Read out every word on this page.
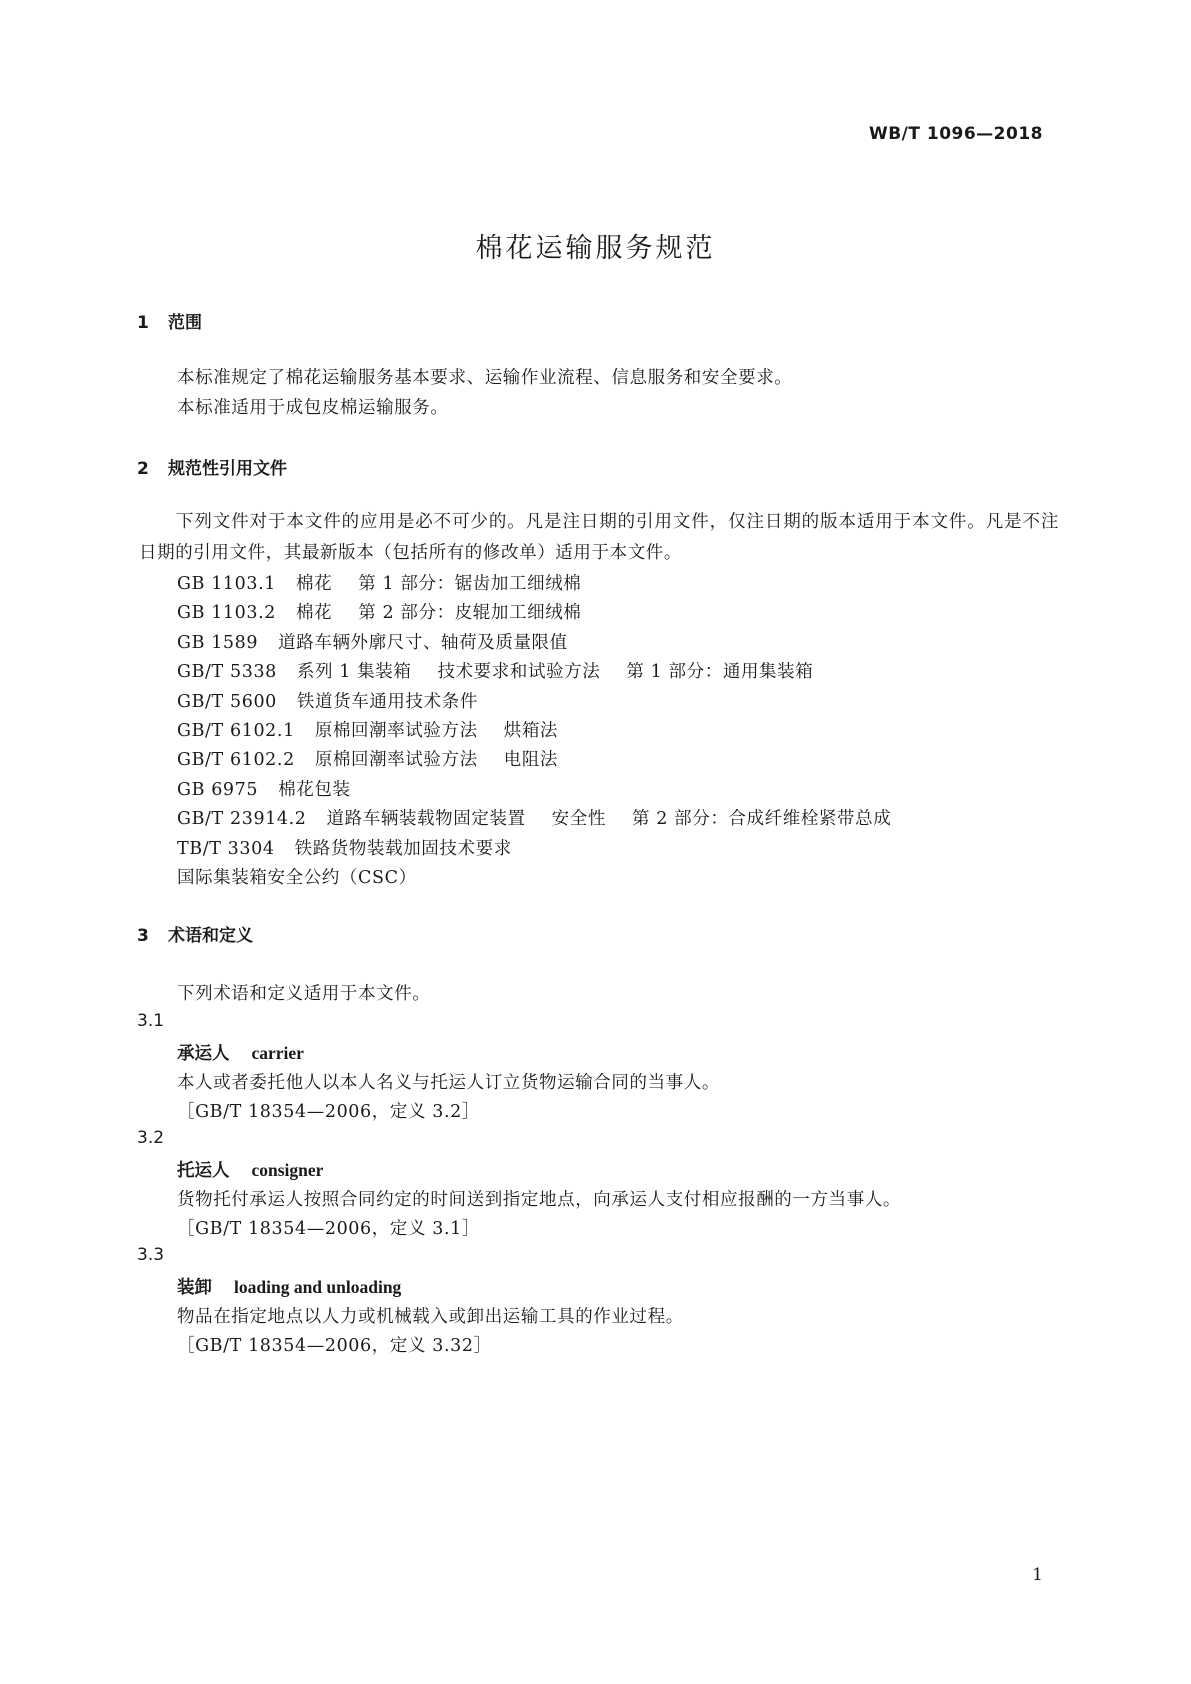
WB/T 1096—2018
棉花运输服务规范
1 范围
本标准规定了棉花运输服务基本要求、运输作业流程、信息服务和安全要求。
本标准适用于成包皮棉运输服务。
2 规范性引用文件
下列文件对于本文件的应用是必不可少的。凡是注日期的引用文件，仅注日期的版本适用于本文件。凡是不注日期的引用文件，其最新版本（包括所有的修改单）适用于本文件。
GB 1103.1 棉花 第 1 部分：锯齿加工细绒棉
GB 1103.2 棉花 第 2 部分：皮辊加工细绒棉
GB 1589 道路车辆外廓尺寸、轴荷及质量限值
GB/T 5338 系列 1 集装箱 技术要求和试验方法 第 1 部分：通用集装箱
GB/T 5600 铁道货车通用技术条件
GB/T 6102.1 原棉回潮率试验方法 烘箱法
GB/T 6102.2 原棉回潮率试验方法 电阻法
GB 6975 棉花包装
GB/T 23914.2 道路车辆装载物固定装置 安全性 第 2 部分：合成纤维栓紧带总成
TB/T 3304 铁路货物装载加固技术要求
国际集装箱安全公约（CSC）
3 术语和定义
下列术语和定义适用于本文件。
3.1
承运人 carrier
本人或者委托他人以本人名义与托运人订立货物运输合同的当事人。
［GB/T 18354—2006，定义 3.2］
3.2
托运人 consigner
货物托付承运人按照合同约定的时间送到指定地点，向承运人支付相应报酬的一方当事人。
［GB/T 18354—2006，定义 3.1］
3.3
装卸 loading and unloading
物品在指定地点以人力或机械载入或卸出运输工具的作业过程。
［GB/T 18354—2006，定义 3.32］
1
